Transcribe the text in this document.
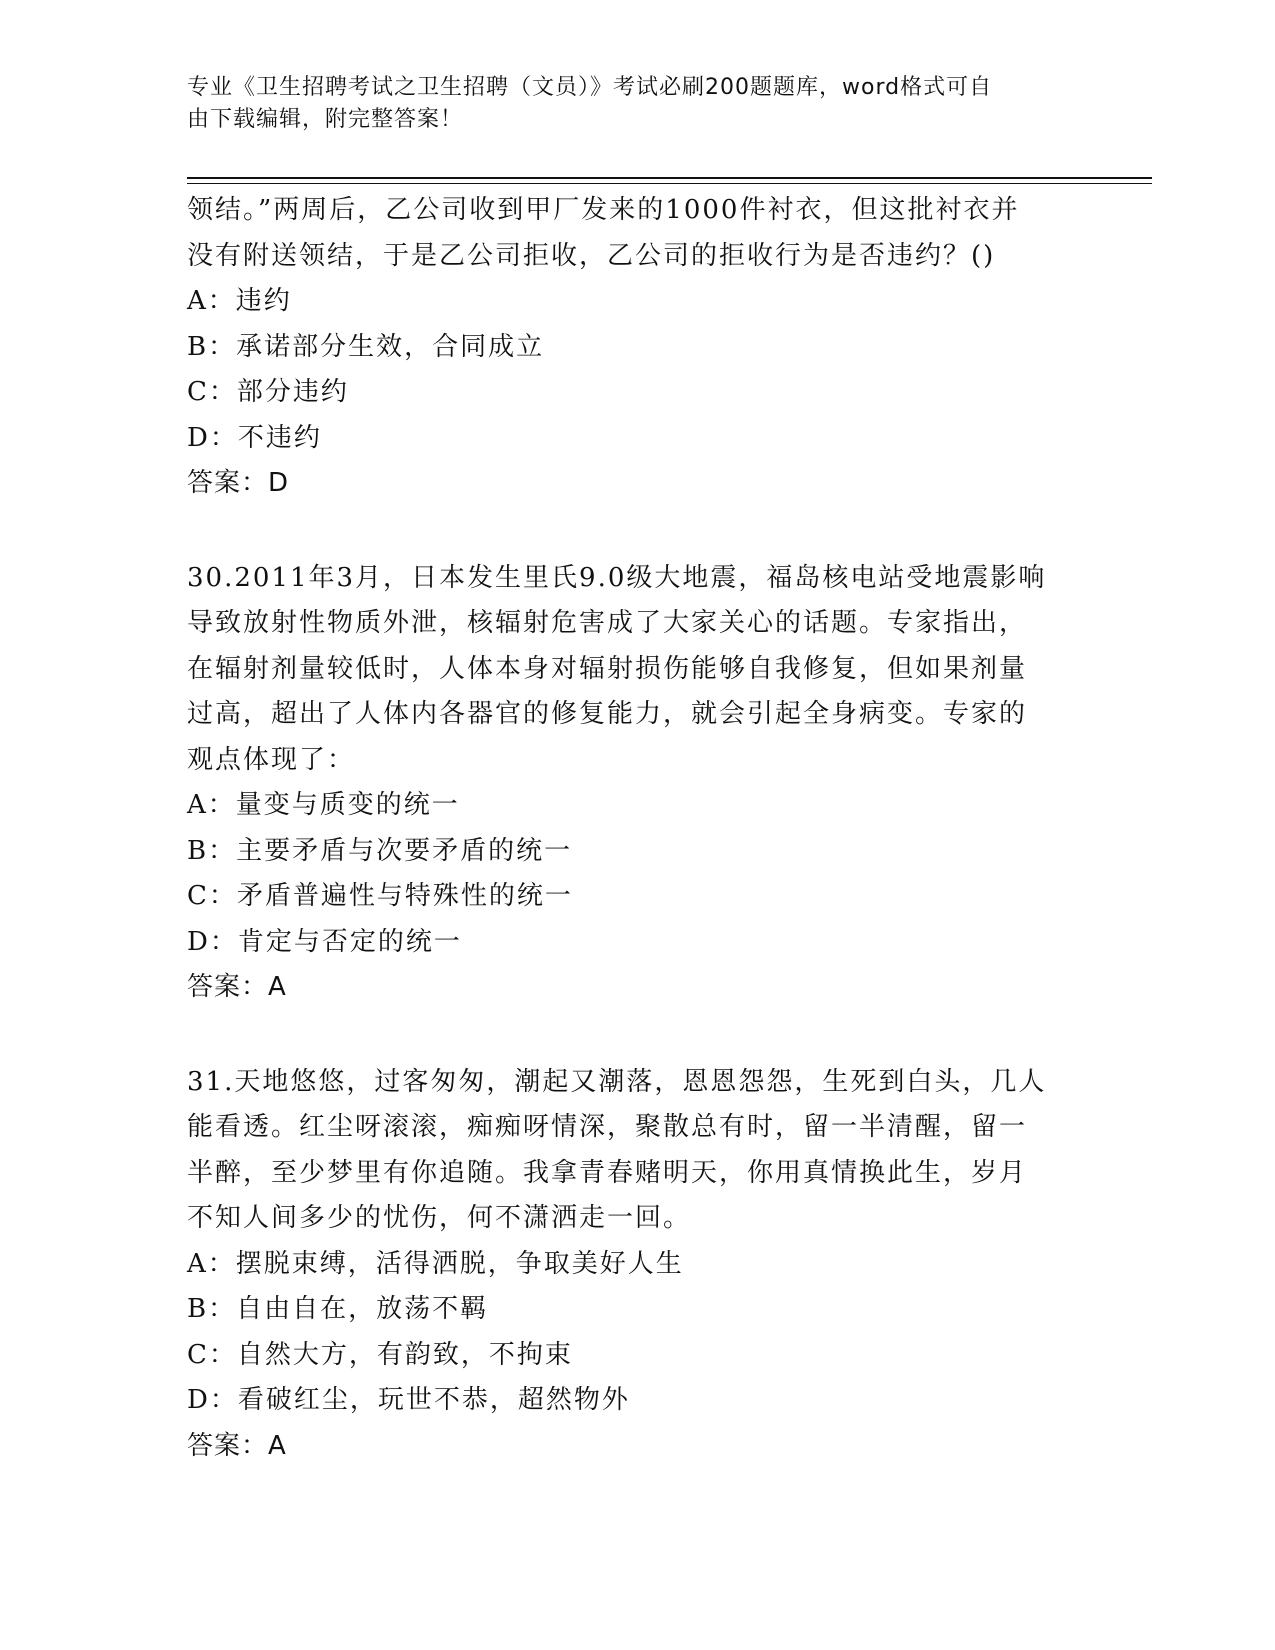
专业《卫生招聘考试之卫生招聘（文员）》考试必刷200题题库，word格式可自
由下载编辑，附完整答案！
领结。”两周后，乙公司收到甲厂发来的1000件衬衣，但这批衬衣并
没有附送领结，于是乙公司拒收，乙公司的拒收行为是否违约？()
A：违约
B：承诺部分生效，合同成立
C：部分违约
D：不违约
答案：D
30.2011年3月，日本发生里氏9.0级大地震，福岛核电站受地震影响
导致放射性物质外泄，核辐射危害成了大家关心的话题。专家指出，
在辐射剂量较低时，人体本身对辐射损伤能够自我修复，但如果剂量
过高，超出了人体内各器官的修复能力，就会引起全身病变。专家的
观点体现了：
A：量变与质变的统一
B：主要矛盾与次要矛盾的统一
C：矛盾普遍性与特殊性的统一
D：肯定与否定的统一
答案：A
31.天地悠悠，过客匆匆，潮起又潮落，恩恩怨怨，生死到白头，几人
能看透。红尘呀滚滚，痴痴呀情深，聚散总有时，留一半清醒，留一
半醉，至少梦里有你追随。我拿青春赌明天，你用真情换此生，岁月
不知人间多少的忧伤，何不潇洒走一回。
A：摆脱束缚，活得洒脱，争取美好人生
B：自由自在，放荡不羁
C：自然大方，有韵致，不拘束
D：看破红尘，玩世不恭，超然物外
答案：A
